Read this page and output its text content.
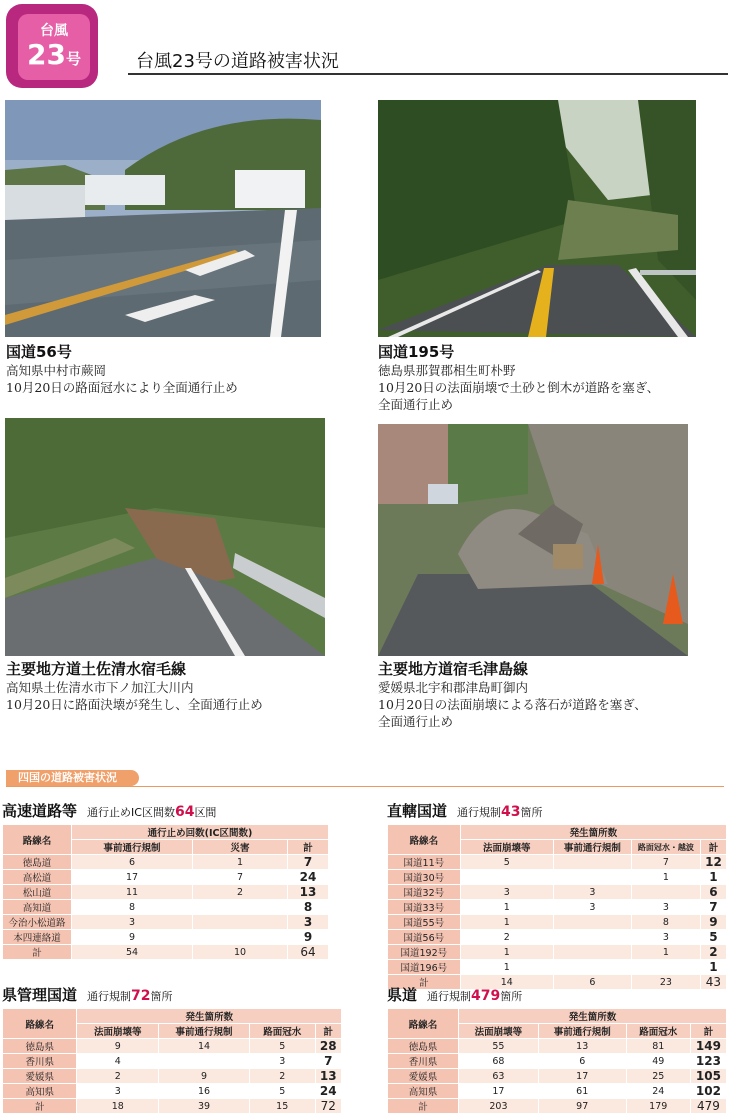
台風
23号	台風23号の道路被害状況
国道56号
高知県中村市蕨岡
10月20日の路面冠水により全面通行止め
国道195号
徳島県那賀郡相生町朴野
10月20日の法面崩壊で土砂と倒木が道路を塞ぎ、
全面通行止め
主要地方道土佐清水宿毛線
高知県土佐清水市下ノ加江大川内
10月20日に路面決壊が発生し、全面通行止め
主要地方道宿毛津島線
愛媛県北宇和郡津島町御内
10月20日の法面崩壊による落石が道路を塞ぎ、
全面通行止め
四国の道路被害状況
高速道路等 通行止めIC区間数64区間
路線名	通行止め回数(IC区間数)		
	事前通行規制	災害	計
徳島道	6	1	7
高松道	17	7	24
松山道	11	2	13
高知道	8		8
今治小松道路	3		3
本四連絡道	9		9
計	54	10	64
直轄国道 通行規制43箇所
路線名	発生箇所数			
	法面崩壊等	事前通行規制	路面冠水・越波	計
国道11号	5		7	12
国道30号			1	1
国道32号	3	3		6
国道33号	1	3	3	7
国道55号	1		8	9
国道56号	2		3	5
国道192号	1		1	2
国道196号	1			1
計	14	6	23	43
県管理国道 通行規制72箇所
路線名	発生箇所数			
	法面崩壊等	事前通行規制	路面冠水	計
徳島県	9	14	5	28
香川県	4		3	7
愛媛県	2	9	2	13
高知県	3	16	5	24
計	18	39	15	72
県道 通行規制479箇所
路線名	発生箇所数			
	法面崩壊等	事前通行規制	路面冠水	計
徳島県	55	13	81	149
香川県	68	6	49	123
愛媛県	63	17	25	105
高知県	17	61	24	102
計	203	97	179	479
